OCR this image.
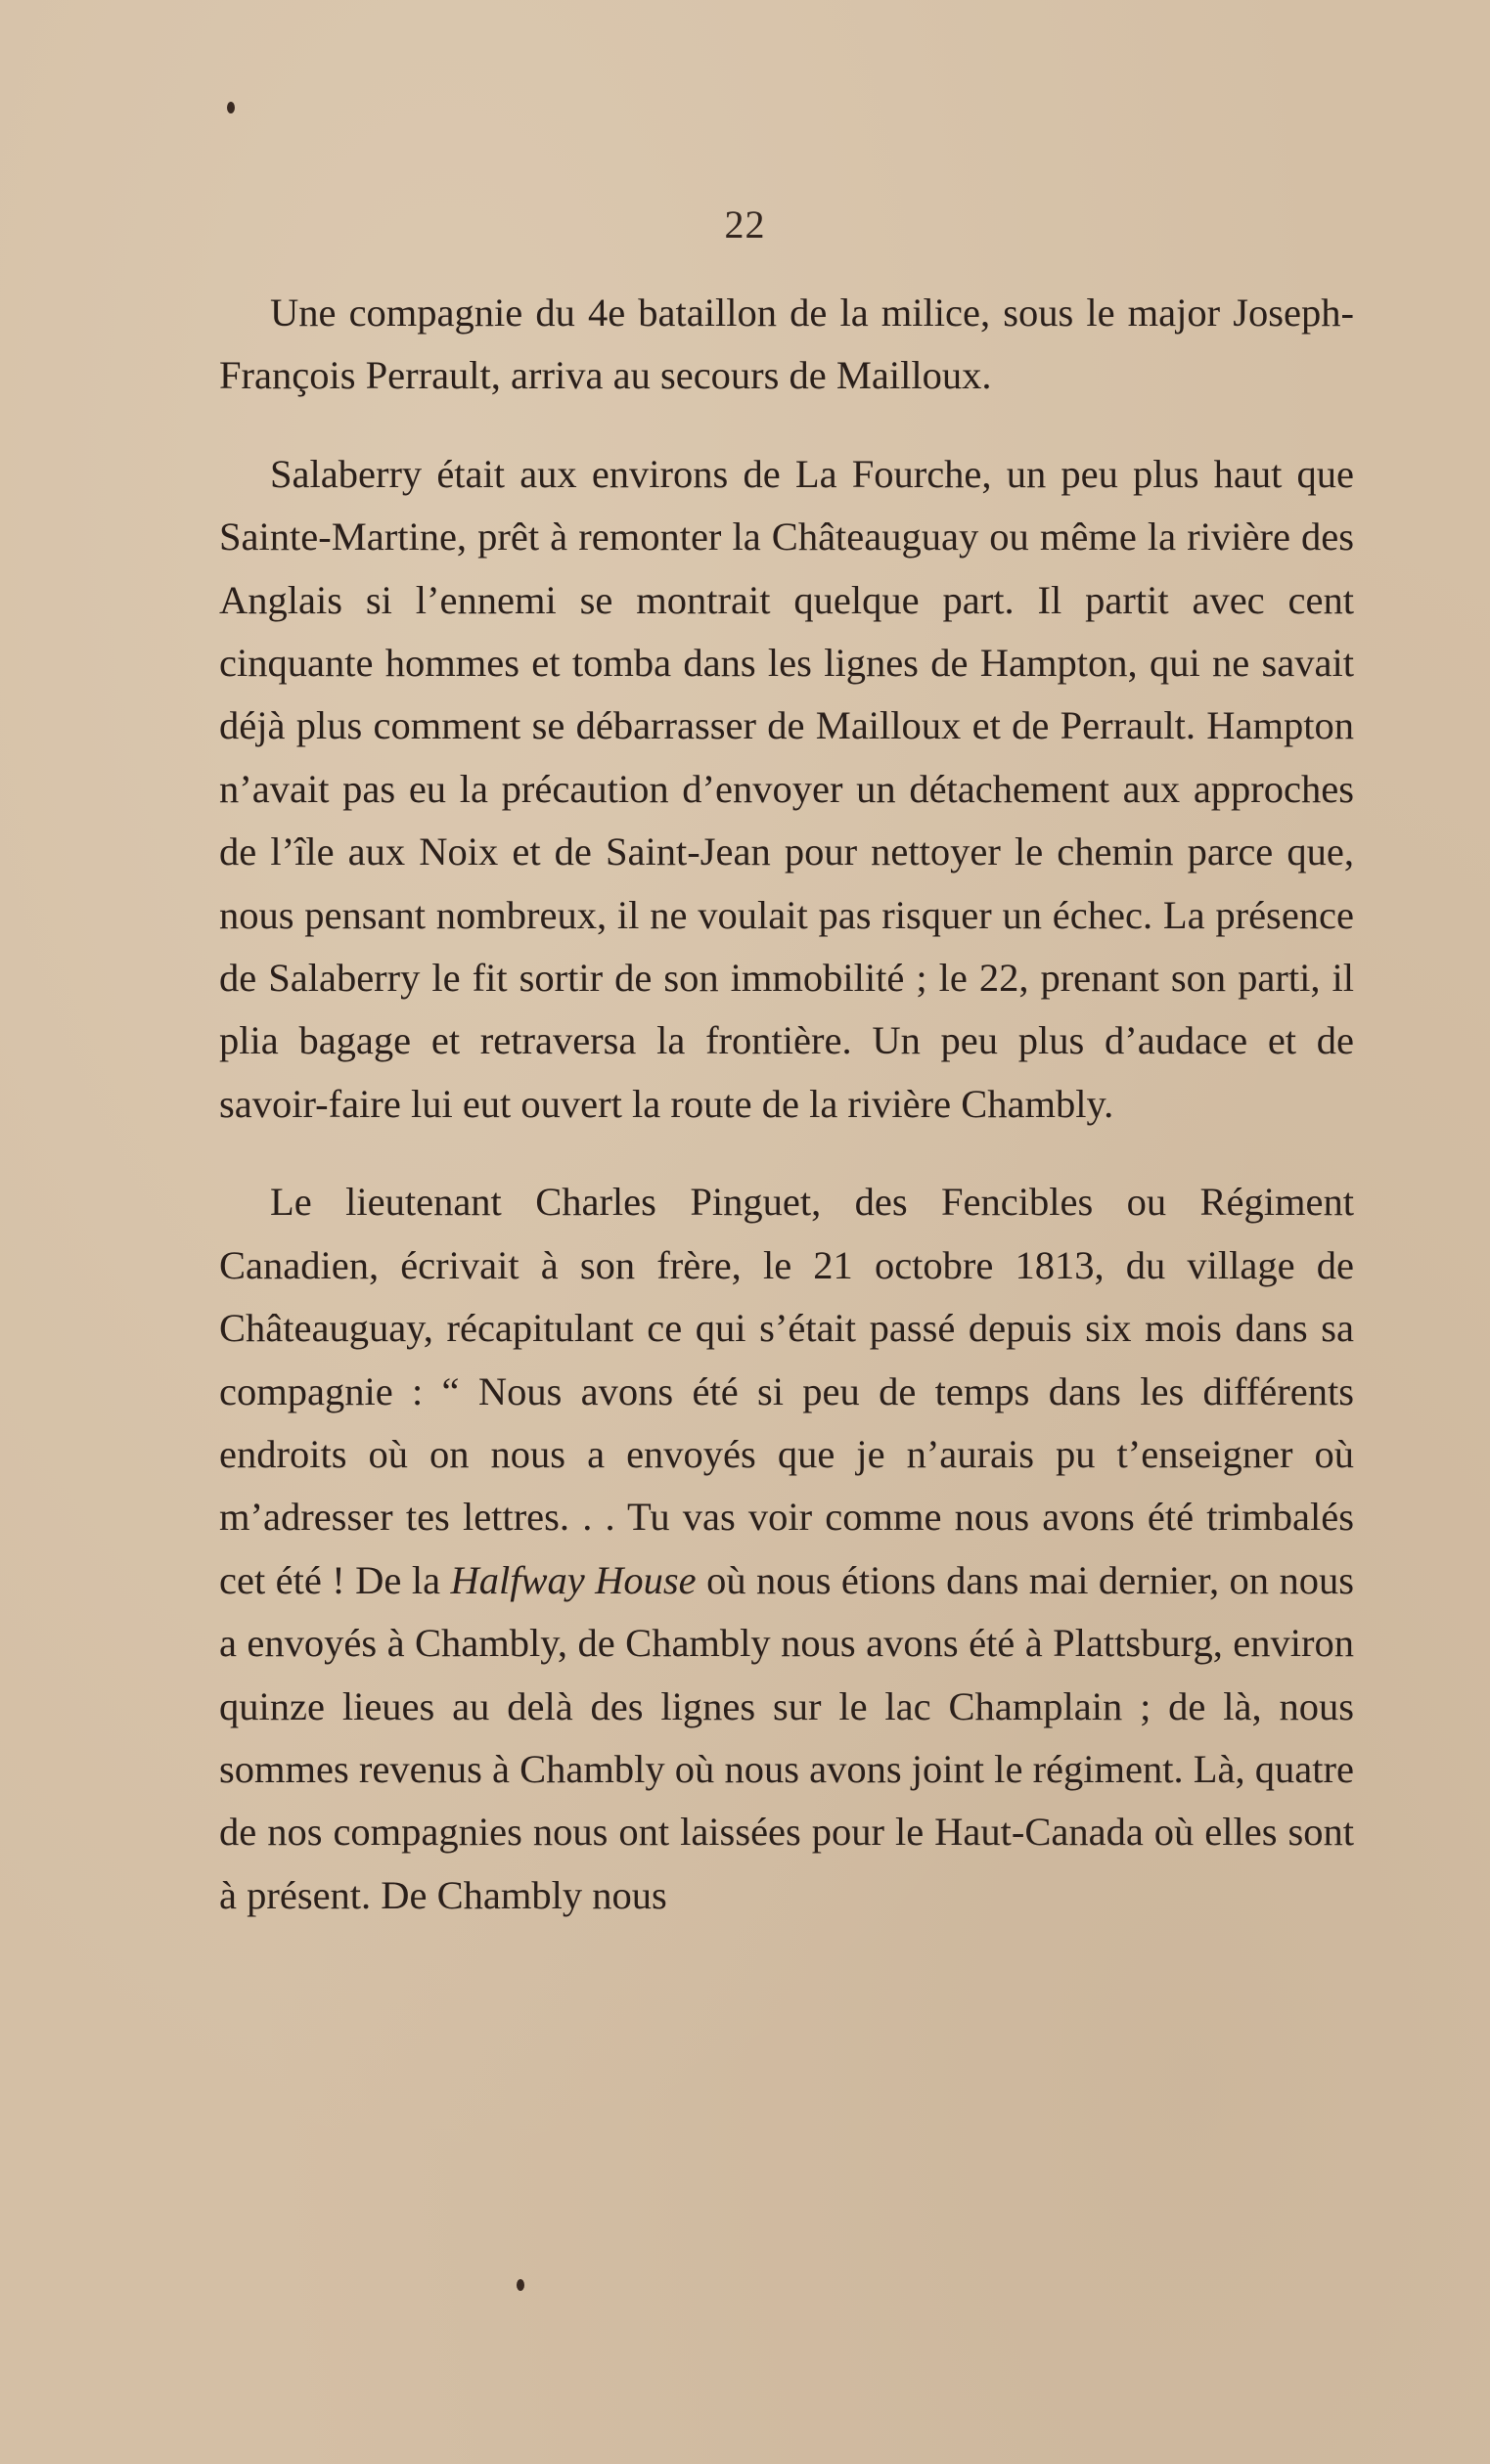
22

Une compagnie du 4e bataillon de la milice, sous le major Joseph-François Perrault, arriva au secours de Mailloux.

Salaberry était aux environs de La Fourche, un peu plus haut que Sainte-Martine, prêt à remonter la Châteauguay ou même la rivière des Anglais si l’ennemi se montrait quelque part. Il partit avec cent cinquante hommes et tomba dans les lignes de Hampton, qui ne savait déjà plus comment se débarrasser de Mailloux et de Perrault. Hampton n’avait pas eu la précaution d’envoyer un détachement aux approches de l’île aux Noix et de Saint-Jean pour nettoyer le chemin parce que, nous pensant nombreux, il ne voulait pas risquer un échec. La présence de Salaberry le fit sortir de son immobilité ; le 22, prenant son parti, il plia bagage et retraversa la frontière. Un peu plus d’audace et de savoir-faire lui eut ouvert la route de la rivière Chambly.

Le lieutenant Charles Pinguet, des Fencibles ou Régiment Canadien, écrivait à son frère, le 21 octobre 1813, du village de Châteauguay, récapitulant ce qui s’était passé depuis six mois dans sa compagnie : “ Nous avons été si peu de temps dans les différents endroits où on nous a envoyés que je n’aurais pu t’enseigner où m’adresser tes lettres. . . Tu vas voir comme nous avons été trimbalés cet été ! De la Halfway House où nous étions dans mai dernier, on nous a envoyés à Chambly, de Chambly nous avons été à Plattsburg, environ quinze lieues au delà des lignes sur le lac Champlain ; de là, nous sommes revenus à Chambly où nous avons joint le régiment. Là, quatre de nos compagnies nous ont laissées pour le Haut-Canada où elles sont à présent. De Chambly nous
